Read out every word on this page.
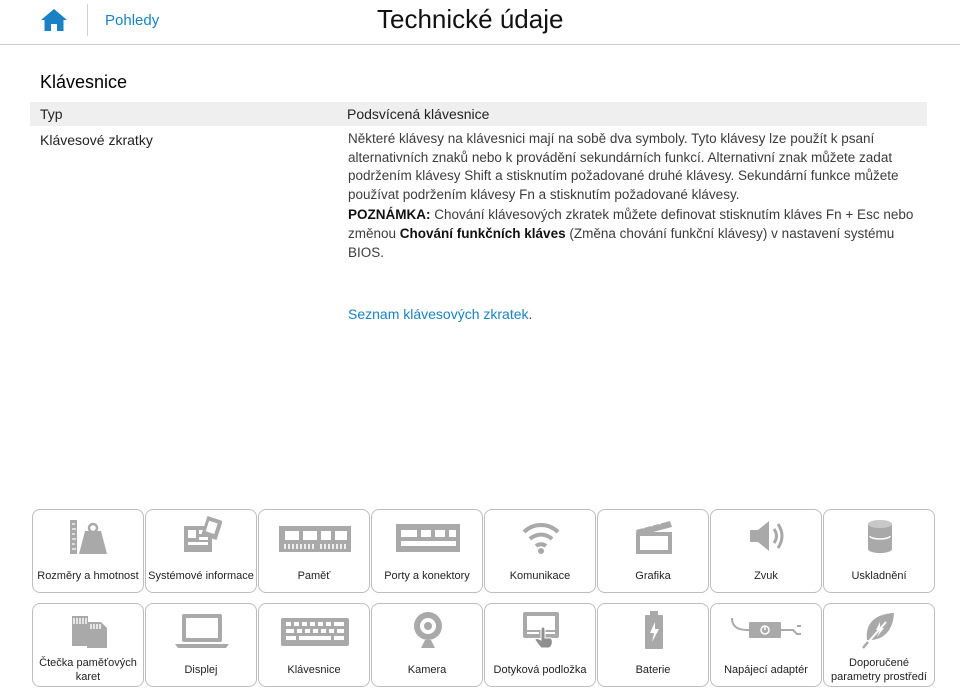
Pohledy	Technické údaje
Klávesnice
Typ	Podsvícená klávesnice
Klávesové zkratky	Některé klávesy na klávesnici mají na sobě dva symboly. Tyto klávesy lze použít k psaní alternativních znaků nebo k provádění sekundárních funkcí. Alternativní znak můžete zadat podržením klávesy Shift a stisknutím požadované druhé klávesy. Sekundární funkce můžete používat podržením klávesy Fn a stisknutím požadované klávesy.

POZNÁMKA: Chování klávesových zkratek můžete definovat stisknutím kláves Fn + Esc nebo změnou Chování funkčních kláves (Změna chování funkční klávesy) v nastavení systému BIOS.

Seznam klávesových zkratek.
Rozměry a hmotnost Systémové informace	Paměť	Porty a konektory	Komunikace	Grafika	Zvuk	Uskladnění
Čtečka paměťových karet
Displej	Klávesnice	Kamera	Dotyková podložka	Baterie	Napájecí adaptér
Doporučené parametry prostředí
